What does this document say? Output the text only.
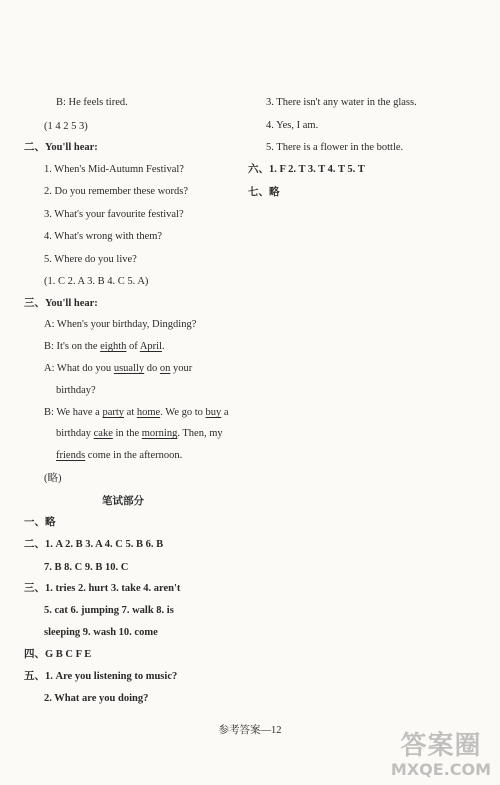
B: He feels tired.
(1 4 2 5 3)
二、You'll hear:
1. When's Mid-Autumn Festival?
2. Do you remember these words?
3. What's your favourite festival?
4. What's wrong with them?
5. Where do you live?
(1. C 2. A 3. B 4. C 5. A)
三、You'll hear:
A: When's your birthday, Dingding?
B: It's on the eighth of April.
A: What do you usually do on your
birthday?
B: We have a party at home. We go to buy a
birthday cake in the morning. Then, my
friends come in the afternoon.
(略)
笔试部分
一、略
二、1. A 2. B 3. A 4. C 5. B 6. B
7. B 8. C 9. B 10. C
三、1. tries 2. hurt 3. take 4. aren't
5. cat 6. jumping 7. walk 8. is
sleeping 9. wash 10. come
四、G B C F E
五、1. Are you listening to music?
2. What are you doing?
3. There isn't any water in the glass.
4. Yes, I am.
5. There is a flower in the bottle.
六、1. F 2. T 3. T 4. T 5. T
七、略
参考答案—12
答案圈
MXQE.COM
